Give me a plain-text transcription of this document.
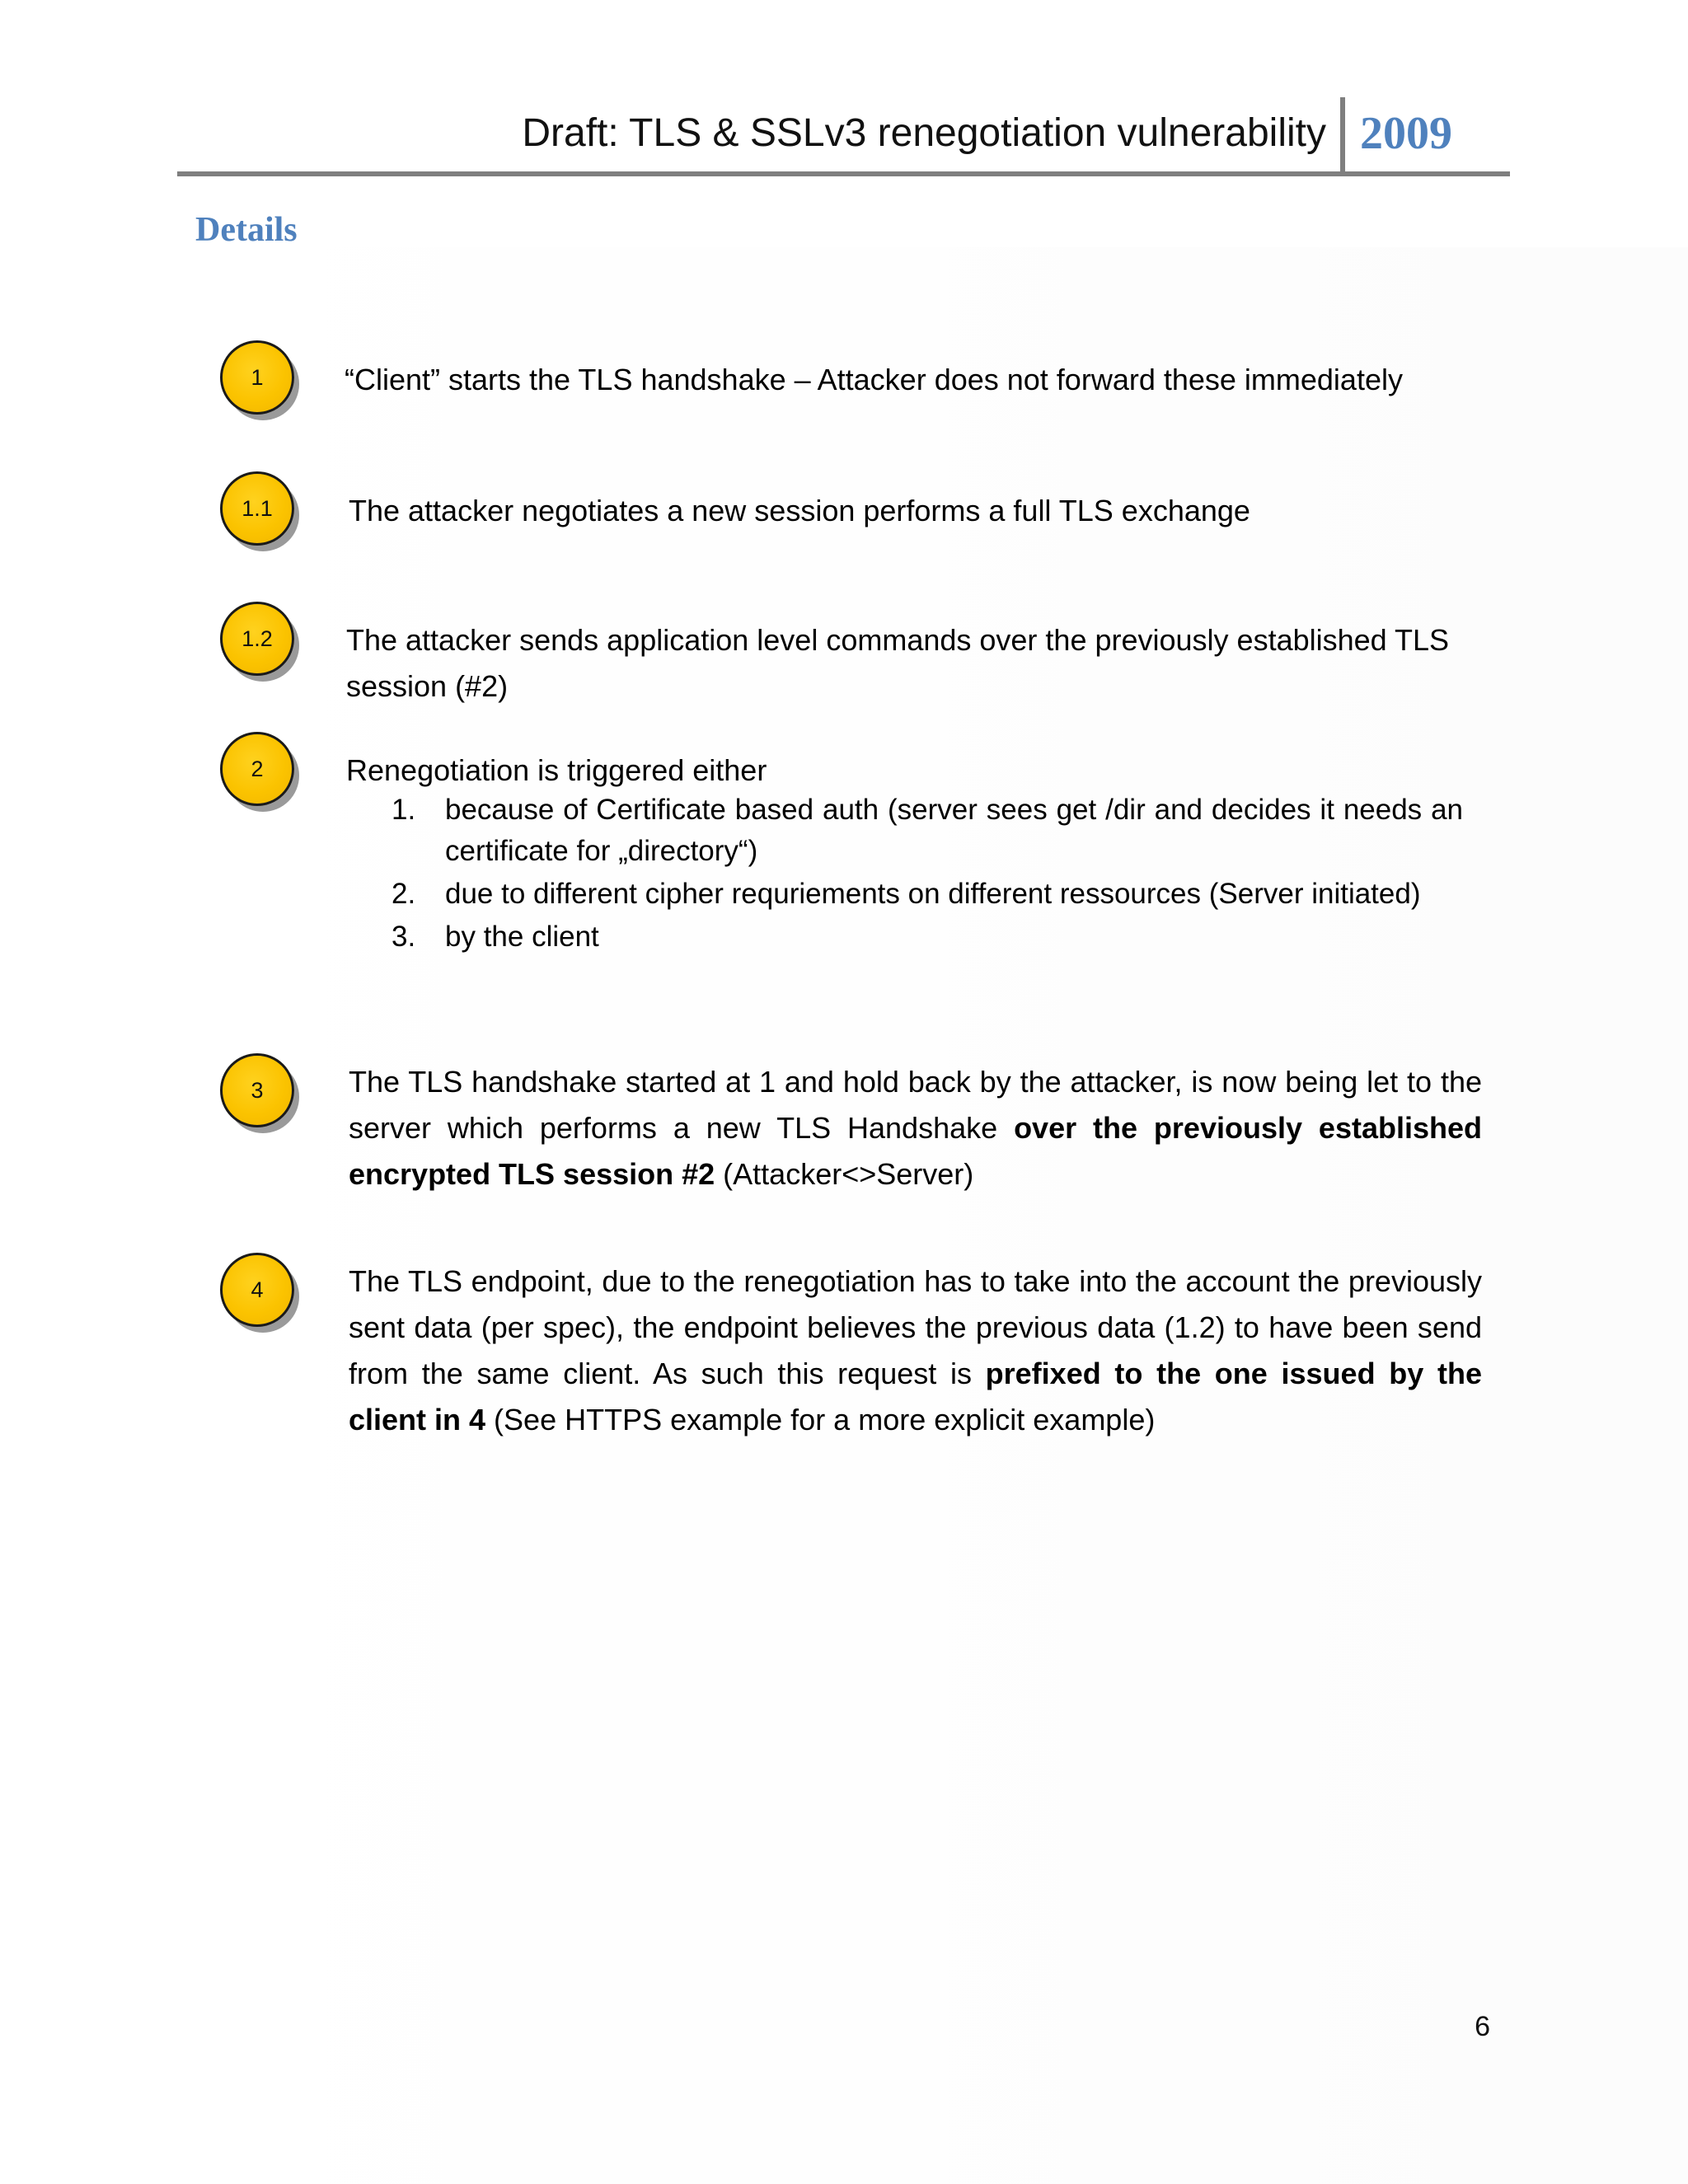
Draft: TLS & SSLv3 renegotiation vulnerability 2009
Details
1	“Client” starts the TLS handshake – Attacker does not forward these immediately
1.1	The attacker negotiates a new session performs a full TLS exchange
1.2	The attacker sends application level commands over the previously established TLS session (#2)
2	Renegotiation is triggered either
1. because of Certificate based auth (server sees get /dir and decides it needs an certificate for „directory“)
2. due to different cipher requriements on different ressources (Server initiated)
3. by the client
3	The TLS handshake started at 1 and hold back by the attacker, is now being let to the server which performs a new TLS Handshake over the previously established encrypted TLS session #2 (Attacker<>Server)
4	The TLS endpoint, due to the renegotiation has to take into the account the previously sent data (per spec), the endpoint believes the previous data (1.2) to have been send from the same client. As such this request is prefixed to the one issued by the client in 4 (See HTTPS example for a more explicit example)
6
